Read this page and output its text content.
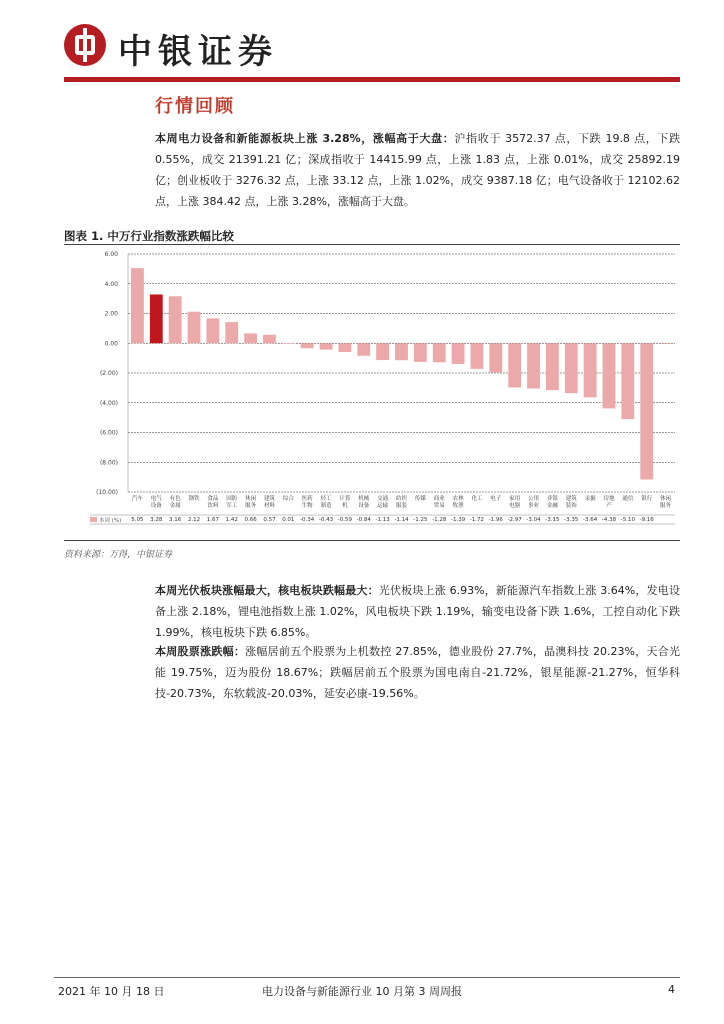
中银证券
行情回顾
本周电力设备和新能源板块上涨 3.28%，涨幅高于大盘：沪指收于 3572.37 点，下跌 19.8 点，下跌 0.55%，成交 21391.21 亿；深成指收于 14415.99 点，上涨 1.83 点，上涨 0.01%，成交 25892.19 亿；创业板收于 3276.32 点，上涨 33.12 点，上涨 1.02%，成交 9387.18 亿；电气设备收于 12102.62 点，上涨 384.42 点，上涨 3.28%，涨幅高于大盘。
图表 1. 中万行业指数涨跌幅比较
6.00
4.00
2.00
0.00
(2.00)
(4.00)
(6.00)
(8.00)
(10.00)
汽车 电气设备
有色金属
钢铁 食品饮料
国防军工
休闲服务
建筑材料
综合 医药生物
轻工制造
计算机
机械设备
交通运输
纺织服装
传媒 商业贸易
农林牧渔
化工 电子 家用电器
公用事业
非银金融
建筑装饰
采掘 房地产
通信 银行 休闲服务
5.05 3.28 3.16 2.12 1.67 1.42 0.66 0.57 0.01 -0.34 -0.43 -0.59 -0.84 -1.13 -1.14 -1.25 -1.28 -1.39 -1.72 -1.96 -2.97 -3.04 -3.15 -3.35 -3.64 -4.38 -5.10 -9.16
本周 (%)
资料来源：万得，中银证券
本周光伏板块涨幅最大，核电板块跌幅最大：光伏板块上涨 6.93%，新能源汽车指数上涨 3.64%，发电设备上涨 2.18%，锂电池指数上涨 1.02%，风电板块下跌 1.19%，输变电设备下跌 1.6%，工控自动化下跌 1.99%，核电板块下跌 6.85%。
本周股票涨跌幅：涨幅居前五个股票为上机数控 27.85%，德业股份 27.7%，晶澳科技 20.23%，天合光能 19.75%，迈为股份 18.67%；跌幅居前五个股票为国电南自-21.72%，银星能源-21.27%，恒华科技-20.73%，东软载波-20.03%，延安必康-19.56%。
2021 年 10 月 18 日	电力设备与新能源行业 10 月第 3 周周报	4
